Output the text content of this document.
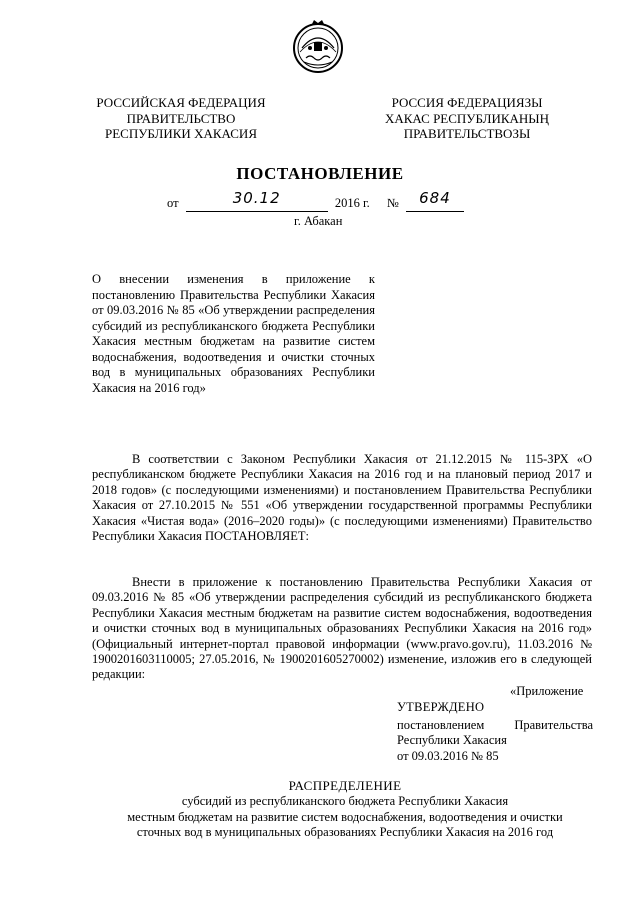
РОССИЙСКАЯ ФЕДЕРАЦИЯ
ПРАВИТЕЛЬСТВО
РЕСПУБЛИКИ ХАКАСИЯ
РОССИЯ ФЕДЕРАЦИЯЗЫ
ХАКАС РЕСПУБЛИКАНЫҢ
ПРАВИТЕЛЬСТВОЗЫ
ПОСТАНОВЛЕНИЕ
от	30.12	2016 г. №	684
г. Абакан

О внесении изменения в приложение к постановлению Правительства Республики Хакасия от 09.03.2016 № 85 «Об утверждении распределения субсидий из республиканского бюджета Республики Хакасия местным бюджетам на развитие систем водоснабжения, водоотведения и очистки сточных вод в муниципальных образованиях Республики Хакасия на 2016 год»

В соответствии с Законом Республики Хакасия от 21.12.2015 № 115-ЗРХ «О республиканском бюджете Республики Хакасия на 2016 год и на плановый период 2017 и 2018 годов» (с последующими изменениями) и постановлением Правительства Республики Хакасия от 27.10.2015 № 551 «Об утверждении государственной программы Республики Хакасия «Чистая вода» (2016–2020 годы)» (с последующими изменениями) Правительство Республики Хакасия ПОСТАНОВЛЯЕТ:

Внести в приложение к постановлению Правительства Республики Хакасия от 09.03.2016 № 85 «Об утверждении распределения субсидий из республиканского бюджета Республики Хакасия местным бюджетам на развитие систем водоснабжения, водоотведения и очистки сточных вод в муниципальных образованиях Республики Хакасия на 2016 год» (Официальный интернет-портал правовой информации (www.pravo.gov.ru), 11.03.2016 № 1900201603110005; 27.05.2016, № 1900201605270002) изменение, изложив его в следующей редакции:

«Приложение
УТВЕРЖДЕНО
постановлением Правительства
Республики Хакасия
от 09.03.2016 № 85
РАСПРЕДЕЛЕНИЕ
субсидий из республиканского бюджета Республики Хакасия
местным бюджетам на развитие систем водоснабжения, водоотведения и очистки
сточных вод в муниципальных образованиях Республики Хакасия на 2016 год
